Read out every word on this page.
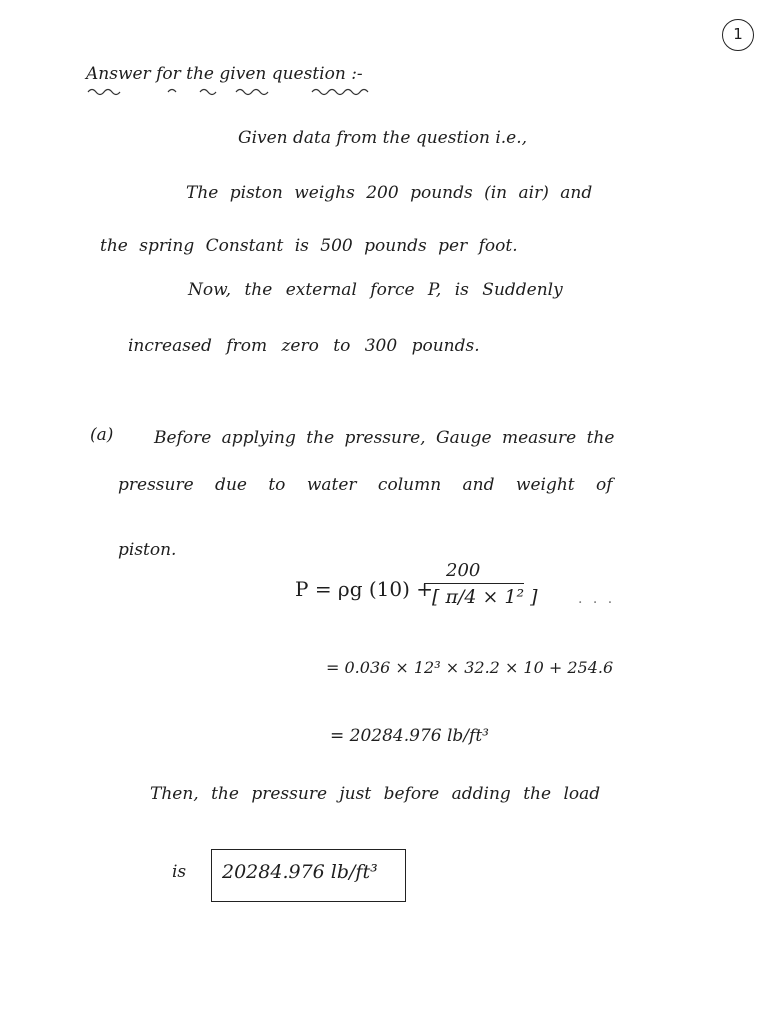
1
Answer for the given question :-
Given data from the question i.e.,
The piston weighs 200 pounds (in air) and
the spring Constant is 500 pounds per foot.
Now, the external force P, is Suddenly
increased from zero to 300 pounds.
(a) Before applying the pressure, Gauge measure the
pressure due to water column and weight of
piston.
P = ρg (10) +
200
[ π/4 × 1² ]	· · ·
= 0.036 × 12³ × 32.2 × 10 + 254.6
= 20284.976 lb/ft³
Then, the pressure just before adding the load
is 20284.976 lb/ft³
